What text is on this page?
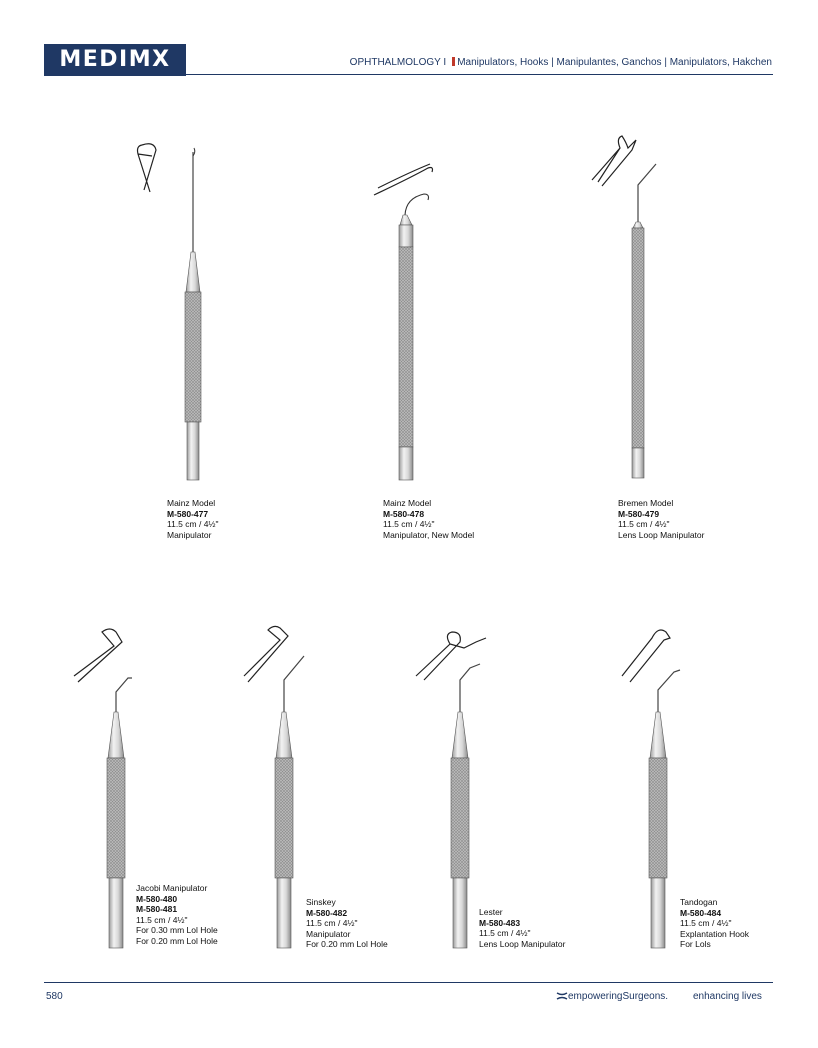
MEDIMX	OPHTHALMOLOGY I Manipulators, Hooks | Manipulantes, Ganchos | Manipulators, Hakchen
Mainz Model
M-580-477
11.5 cm / 4½"
Manipulator
Mainz Model
M-580-478
11.5 cm / 4½"
Manipulator, New Model
Bremen Model
M-580-479
11.5 cm / 4½"
Lens Loop Manipulator
Jacobi Manipulator
M-580-480
M-580-481
11.5 cm / 4½"
For 0.30 mm Lol Hole
For 0.20 mm Lol Hole
Sinskey
M-580-482
11.5 cm / 4½"
Manipulator
For 0.20 mm Lol Hole
Lester
M-580-483
11.5 cm / 4½"
Lens Loop Manipulator
Tandogan
M-580-484
11.5 cm / 4½"
Explantation Hook
For Lols
580	empoweringSurgeons. enhancing lives
